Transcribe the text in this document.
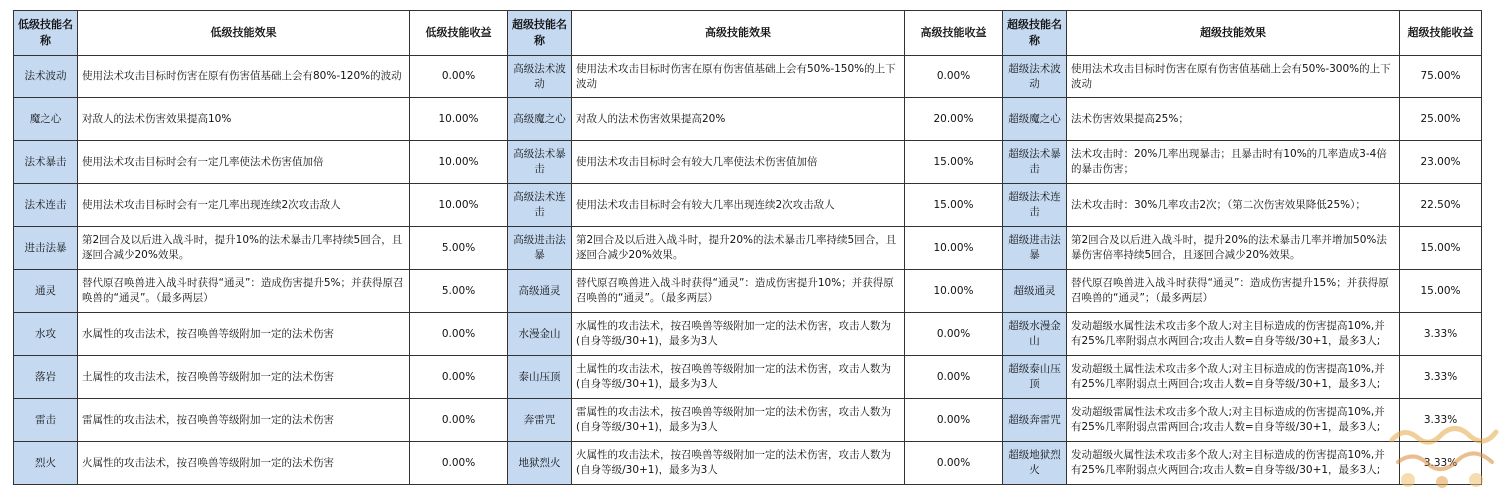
低级技能名称	低级技能效果	低级技能收益	超级技能名称	高级技能效果	高级技能收益	超级技能名称	超级技能效果	超级技能收益
法术波动	使用法术攻击目标时伤害在原有伤害值基础上会有80%-120%的波动	0.00%	高级法术波动	使用法术攻击目标时伤害在原有伤害值基础上会有50%-150%的上下波动	0.00%	超级法术波动	使用法术攻击目标时伤害在原有伤害值基础上会有50%-300%的上下波动	75.00%
魔之心	对敌人的法术伤害效果提高10%	10.00%	高级魔之心	对敌人的法术伤害效果提高20%	20.00%	超级魔之心	法术伤害效果提高25%；	25.00%
法术暴击	使用法术攻击目标时会有一定几率使法术伤害值加倍	10.00%	高级法术暴击	使用法术攻击目标时会有较大几率使法术伤害值加倍	15.00%	超级法术暴击	法术攻击时：20%几率出现暴击；且暴击时有10%的几率造成3-4倍的暴击伤害；	23.00%
法术连击	使用法术攻击目标时会有一定几率出现连续2次攻击敌人	10.00%	高级法术连击	使用法术攻击目标时会有较大几率出现连续2次攻击敌人	15.00%	超级法术连击	法术攻击时：30%几率攻击2次；（第二次伤害效果降低25%）；	22.50%
进击法暴	第2回合及以后进入战斗时，提升10%的法术暴击几率持续5回合，且逐回合减少20%效果。	5.00%	高级进击法暴	第2回合及以后进入战斗时，提升20%的法术暴击几率持续5回合，且逐回合减少20%效果。	10.00%	超级进击法暴	第2回合及以后进入战斗时，提升20%的法术暴击几率并增加50%法暴伤害倍率持续5回合，且逐回合减少20%效果。	15.00%
通灵	替代原召唤兽进入战斗时获得“通灵”：造成伤害提升5%；并获得原召唤兽的“通灵”。（最多两层）	5.00%	高级通灵	替代原召唤兽进入战斗时获得“通灵”：造成伤害提升10%；并获得原召唤兽的“通灵”。（最多两层）	10.00%	超级通灵	替代原召唤兽进入战斗时获得“通灵”：造成伤害提升15%；并获得原召唤兽的“通灵”；（最多两层）	15.00%
水攻	水属性的攻击法术，按召唤兽等级附加一定的法术伤害	0.00%	水漫金山	水属性的攻击法术，按召唤兽等级附加一定的法术伤害，攻击人数为(自身等级/30+1)，最多为3人	0.00%	超级水漫金山	发动超级水属性法术攻击多个敌人;对主目标造成的伤害提高10%,并有25%几率附弱点水两回合;攻击人数=自身等级/30+1，最多3人;	3.33%
落岩	土属性的攻击法术，按召唤兽等级附加一定的法术伤害	0.00%	泰山压顶	土属性的攻击法术，按召唤兽等级附加一定的法术伤害，攻击人数为(自身等级/30+1)，最多为3人	0.00%	超级泰山压顶	发动超级土属性法术攻击多个敌人;对主目标造成的伤害提高10%,并有25%几率附弱点土两回合;攻击人数=自身等级/30+1，最多3人;	3.33%
雷击	雷属性的攻击法术，按召唤兽等级附加一定的法术伤害	0.00%	奔雷咒	雷属性的攻击法术，按召唤兽等级附加一定的法术伤害，攻击人数为(自身等级/30+1)，最多为3人	0.00%	超级奔雷咒	发动超级雷属性法术攻击多个敌人;对主目标造成的伤害提高10%,并有25%几率附弱点雷两回合;攻击人数=自身等级/30+1，最多3人;	3.33%
烈火	火属性的攻击法术，按召唤兽等级附加一定的法术伤害	0.00%	地狱烈火	火属性的攻击法术，按召唤兽等级附加一定的法术伤害，攻击人数为(自身等级/30+1)，最多为3人	0.00%	超级地狱烈火	发动超级火属性法术攻击多个敌人;对主目标造成的伤害提高10%,并有25%几率附弱点火两回合;攻击人数=自身等级/30+1，最多3人;	3.33%
